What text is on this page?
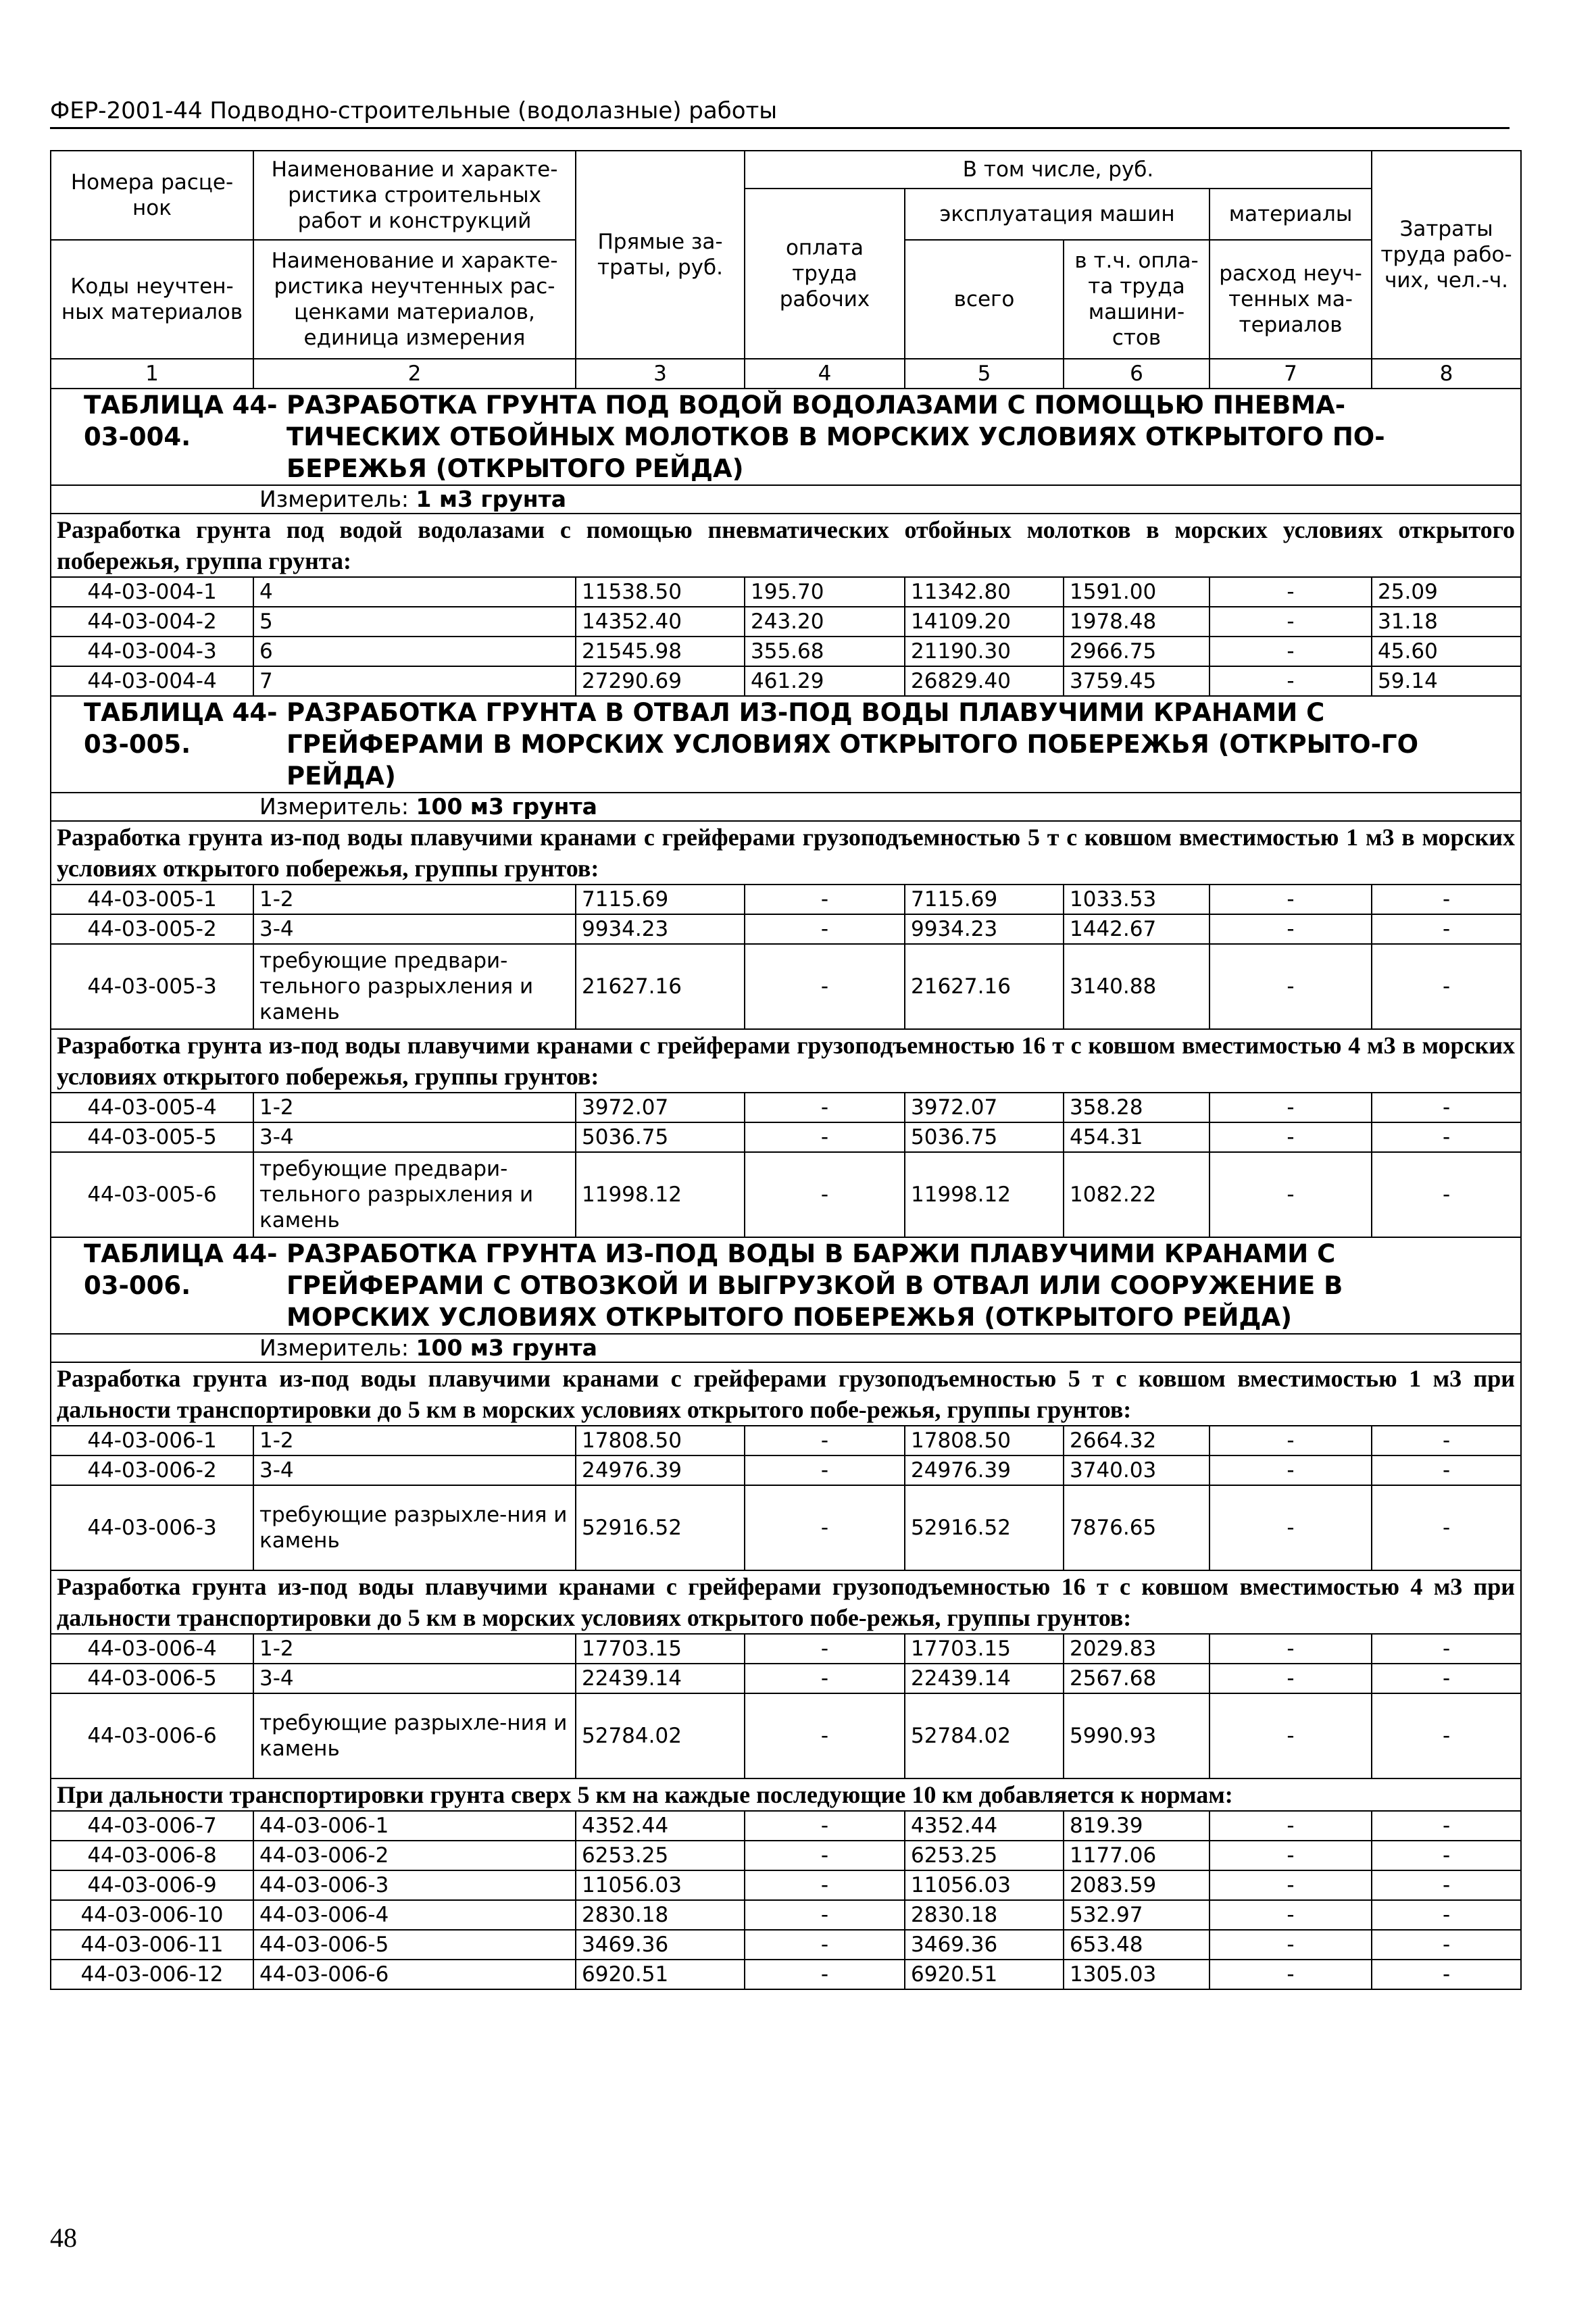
ФЕР-2001-44 Подводно-строительные (водолазные) работы
Номера расце-нок	Наименование и характе-ристика строительных работ и конструкций	Прямые за-траты, руб.	В том числе, руб.				Затраты труда рабо-чих, чел.-ч.
			оплата труда рабочих	эксплуатация машин		материалы	
Коды неучтен-ных материалов	Наименование и характе-ристика неучтенных рас-ценками материалов, единица измерения			всего	в т.ч. опла-та труда машини-стов	расход неуч-тенных ма-териалов	

1	2	3	4	5	6	7	8

ТАБЛИЦА 44-03-004.РАЗРАБОТКА ГРУНТА ПОД ВОДОЙ ВОДОЛАЗАМИ С ПОМОЩЬЮ ПНЕВМА-ТИЧЕСКИХ ОТБОЙНЫХ МОЛОТКОВ В МОРСКИХ УСЛОВИЯХ ОТКРЫТОГО ПО-БЕРЕЖЬЯ (ОТКРЫТОГО РЕЙДА)							

Измеритель: 1 м3 грунта							

Разработка грунта под водой водолазами с помощью пневматических отбойных молотков в морских условиях открытого побережья, группа грунта:							
44-03-004-1	4	11538.50	195.70	11342.80	1591.00	-	25.09
44-03-004-2	5	14352.40	243.20	14109.20	1978.48	-	31.18
44-03-004-3	6	21545.98	355.68	21190.30	2966.75	-	45.60
44-03-004-4	7	27290.69	461.29	26829.40	3759.45	-	59.14

ТАБЛИЦА 44-03-005.РАЗРАБОТКА ГРУНТА В ОТВАЛ ИЗ-ПОД ВОДЫ ПЛАВУЧИМИ КРАНАМИ С ГРЕЙФЕРАМИ В МОРСКИХ УСЛОВИЯХ ОТКРЫТОГО ПОБЕРЕЖЬЯ (ОТКРЫТО-ГО РЕЙДА)							

Измеритель: 100 м3 грунта							

Разработка грунта из-под воды плавучими кранами с грейферами грузоподъемностью 5 т с ковшом вместимостью 1 м3 в морских условиях открытого побережья, группы грунтов:							
44-03-005-1	1-2	7115.69	-	7115.69	1033.53	-	-
44-03-005-2	3-4	9934.23	-	9934.23	1442.67	-	-
44-03-005-3	требующие предвари-тельного разрыхления и камень	21627.16	-	21627.16	3140.88	-	-
Разработка грунта из-под воды плавучими кранами с грейферами грузоподъемностью 16 т с ковшом вместимостью 4 м3 в морских условиях открытого побережья, группы грунтов:							
44-03-005-4	1-2	3972.07	-	3972.07	358.28	-	-
44-03-005-5	3-4	5036.75	-	5036.75	454.31	-	-
44-03-005-6	требующие предвари-тельного разрыхления и камень	11998.12	-	11998.12	1082.22	-	-

ТАБЛИЦА 44-03-006.РАЗРАБОТКА ГРУНТА ИЗ-ПОД ВОДЫ В БАРЖИ ПЛАВУЧИМИ КРАНАМИ С ГРЕЙФЕРАМИ С ОТВОЗКОЙ И ВЫГРУЗКОЙ В ОТВАЛ ИЛИ СООРУЖЕНИЕ В МОРСКИХ УСЛОВИЯХ ОТКРЫТОГО ПОБЕРЕЖЬЯ (ОТКРЫТОГО РЕЙДА)							

Измеритель: 100 м3 грунта							

Разработка грунта из-под воды плавучими кранами с грейферами грузоподъемностью 5 т с ковшом вместимостью 1 м3 при дальности транспортировки до 5 км в морских условиях открытого побе-режья, группы грунтов:							
44-03-006-1	1-2	17808.50	-	17808.50	2664.32	-	-
44-03-006-2	3-4	24976.39	-	24976.39	3740.03	-	-
44-03-006-3	требующие разрыхле-ния и камень	52916.52	-	52916.52	7876.65	-	-
Разработка грунта из-под воды плавучими кранами с грейферами грузоподъемностью 16 т с ковшом вместимостью 4 м3 при дальности транспортировки до 5 км в морских условиях открытого побе-режья, группы грунтов:							
44-03-006-4	1-2	17703.15	-	17703.15	2029.83	-	-
44-03-006-5	3-4	22439.14	-	22439.14	2567.68	-	-
44-03-006-6	требующие разрыхле-ния и камень	52784.02	-	52784.02	5990.93	-	-
При дальности транспортировки грунта сверх 5 км на каждые последующие 10 км добавляется к нормам:							
44-03-006-7	44-03-006-1	4352.44	-	4352.44	819.39	-	-
44-03-006-8	44-03-006-2	6253.25	-	6253.25	1177.06	-	-
44-03-006-9	44-03-006-3	11056.03	-	11056.03	2083.59	-	-
44-03-006-10	44-03-006-4	2830.18	-	2830.18	532.97	-	-
44-03-006-11	44-03-006-5	3469.36	-	3469.36	653.48	-	-
44-03-006-12	44-03-006-6	6920.51	-	6920.51	1305.03	-	-
48
